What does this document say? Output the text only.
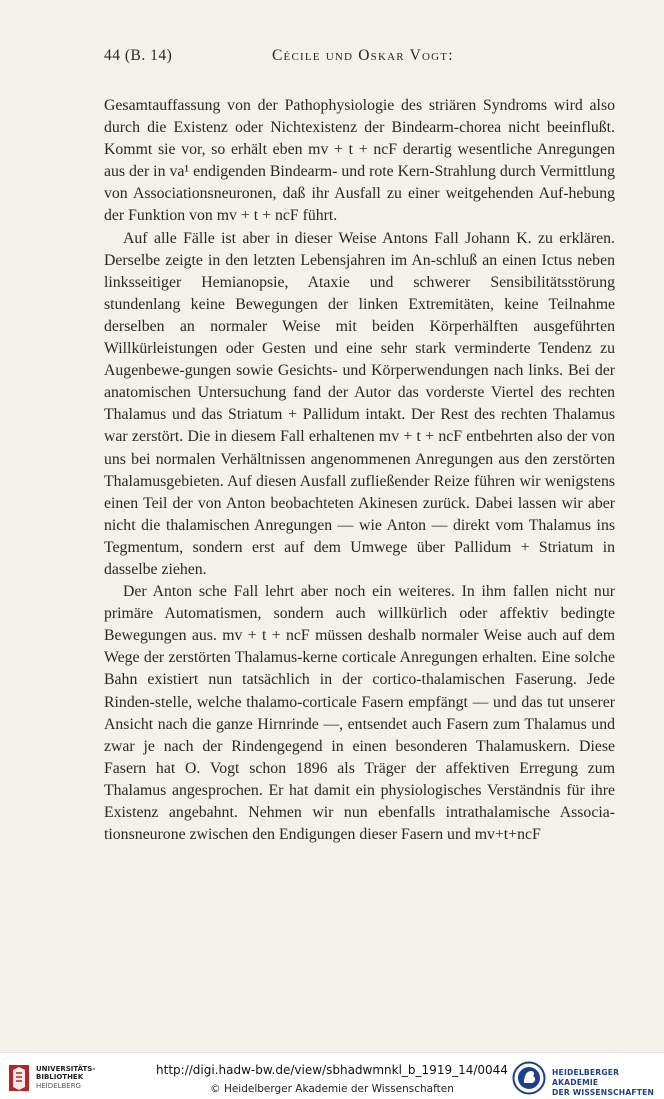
44 (B. 14)	Cécile und Oskar Vogt:

Gesamtauffassung von der Pathophysiologie des striären Syndroms wird also durch die Existenz oder Nichtexistenz der Bindearm-chorea nicht beeinflußt. Kommt sie vor, so erhält eben mv + t + ncF derartig wesentliche Anregungen aus der in va¹ endigenden Bindearm- und rote Kern-Strahlung durch Vermittlung von Associationsneuronen, daß ihr Ausfall zu einer weitgehenden Auf-hebung der Funktion von mv + t + ncF führt.

Auf alle Fälle ist aber in dieser Weise Antons Fall Johann K. zu erklären. Derselbe zeigte in den letzten Lebensjahren im An-schluß an einen Ictus neben linksseitiger Hemianopsie, Ataxie und schwerer Sensibilitätsstörung stundenlang keine Bewegungen der linken Extremitäten, keine Teilnahme derselben an normaler Weise mit beiden Körperhälften ausgeführten Willkürleistungen oder Gesten und eine sehr stark verminderte Tendenz zu Augenbewe-gungen sowie Gesichts- und Körperwendungen nach links. Bei der anatomischen Untersuchung fand der Autor das vorderste Viertel des rechten Thalamus und das Striatum + Pallidum intakt. Der Rest des rechten Thalamus war zerstört. Die in diesem Fall erhaltenen mv + t + ncF entbehrten also der von uns bei normalen Verhältnissen angenommenen Anregungen aus den zerstörten Thalamusgebieten. Auf diesen Ausfall zufließender Reize führen wir wenigstens einen Teil der von Anton beobachteten Akinesen zurück. Dabei lassen wir aber nicht die thalamischen Anregungen — wie Anton — direkt vom Thalamus ins Tegmentum, sondern erst auf dem Umwege über Pallidum + Striatum in dasselbe ziehen.

Der Anton sche Fall lehrt aber noch ein weiteres. In ihm fallen nicht nur primäre Automatismen, sondern auch willkürlich oder affektiv bedingte Bewegungen aus. mv + t + ncF müssen deshalb normaler Weise auch auf dem Wege der zerstörten Thalamus-kerne corticale Anregungen erhalten. Eine solche Bahn existiert nun tatsächlich in der cortico-thalamischen Faserung. Jede Rinden-stelle, welche thalamo-corticale Fasern empfängt — und das tut unserer Ansicht nach die ganze Hirnrinde —, entsendet auch Fasern zum Thalamus und zwar je nach der Rindengegend in einen besonderen Thalamuskern. Diese Fasern hat O. Vogt schon 1896 als Träger der affektiven Erregung zum Thalamus angesprochen. Er hat damit ein physiologisches Verständnis für ihre Existenz angebahnt. Nehmen wir nun ebenfalls intrathalamische Associa-tionsneurone zwischen den Endigungen dieser Fasern und mv+t+ncF

UNIVERSITÄTS-
BIBLIOTHEK
HEIDELBERG
http://digi.hadw-bw.de/view/sbhadwmnkl_b_1919_14/0044
© Heidelberger Akademie der Wissenschaften
HEIDELBERGER AKADEMIE
DER WISSENSCHAFTEN
